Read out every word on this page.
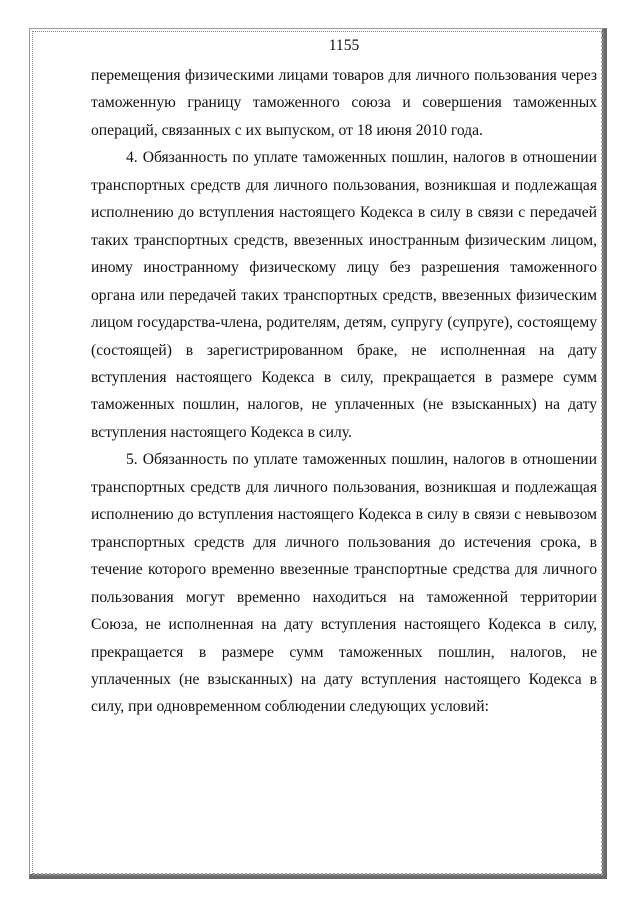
1155

перемещения физическими лицами товаров для личного пользования через таможенную границу таможенного союза и совершения таможенных операций, связанных с их выпуском, от 18 июня 2010 года.

4. Обязанность по уплате таможенных пошлин, налогов в отношении транспортных средств для личного пользования, возникшая и подлежащая исполнению до вступления настоящего Кодекса в силу в связи с передачей таких транспортных средств, ввезенных иностранным физическим лицом, иному иностранному физическому лицу без разрешения таможенного органа или передачей таких транспортных средств, ввезенных физическим лицом государства-члена, родителям, детям, супругу (супруге), состоящему (состоящей) в зарегистрированном браке, не исполненная на дату вступления настоящего Кодекса в силу, прекращается в размере сумм таможенных пошлин, налогов, не уплаченных (не взысканных) на дату вступления настоящего Кодекса в силу.

5. Обязанность по уплате таможенных пошлин, налогов в отношении транспортных средств для личного пользования, возникшая и подлежащая исполнению до вступления настоящего Кодекса в силу в связи с невывозом транспортных средств для личного пользования до истечения срока, в течение которого временно ввезенные транспортные средства для личного пользования могут временно находиться на таможенной территории Союза, не исполненная на дату вступления настоящего Кодекса в силу, прекращается в размере сумм таможенных пошлин, налогов, не уплаченных (не взысканных) на дату вступления настоящего Кодекса в силу, при одновременном соблюдении следующих условий:
